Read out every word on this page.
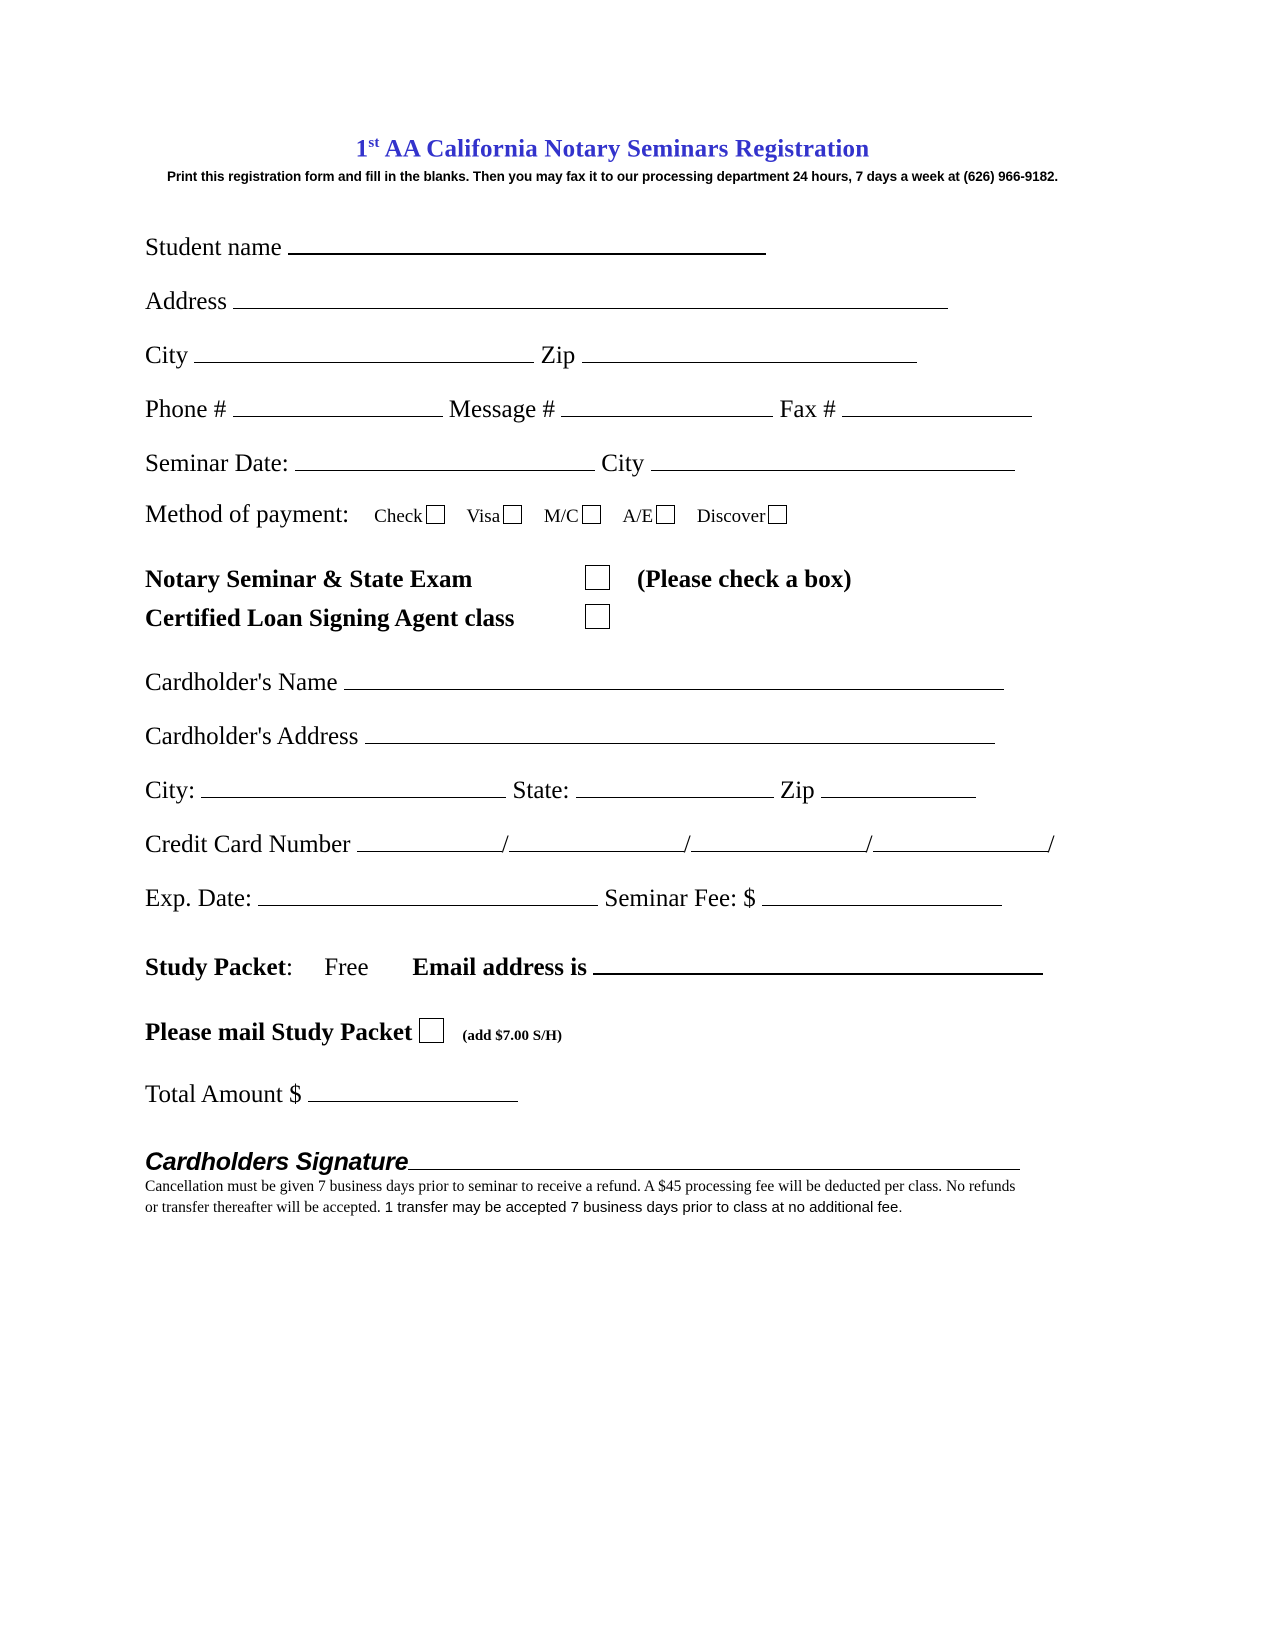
1st AA California Notary Seminars Registration
Print this registration form and fill in the blanks. Then you may fax it to our processing department 24 hours, 7 days a week at (626) 966-9182.
Student name
Address
City	Zip
Phone #	Message #	Fax #
Seminar Date:	City
Method of payment: Check Visa M/C A/E Discover
Notary Seminar & State Exam	(Please check a box)
Certified Loan Signing Agent class
Cardholder's Name
Cardholder's Address
City:	State:	Zip
Credit Card Number	/	/	/	/
Exp. Date:	Seminar Fee: $
Study Packet: Free Email address is
Please mail Study Packet	(add $7.00 S/H)
Total Amount $
Cardholders Signature
Cancellation must be given 7 business days prior to seminar to receive a refund. A $45 processing fee will be deducted per class. No refunds
or transfer thereafter will be accepted. 1 transfer may be accepted 7 business days prior to class at no additional fee.
